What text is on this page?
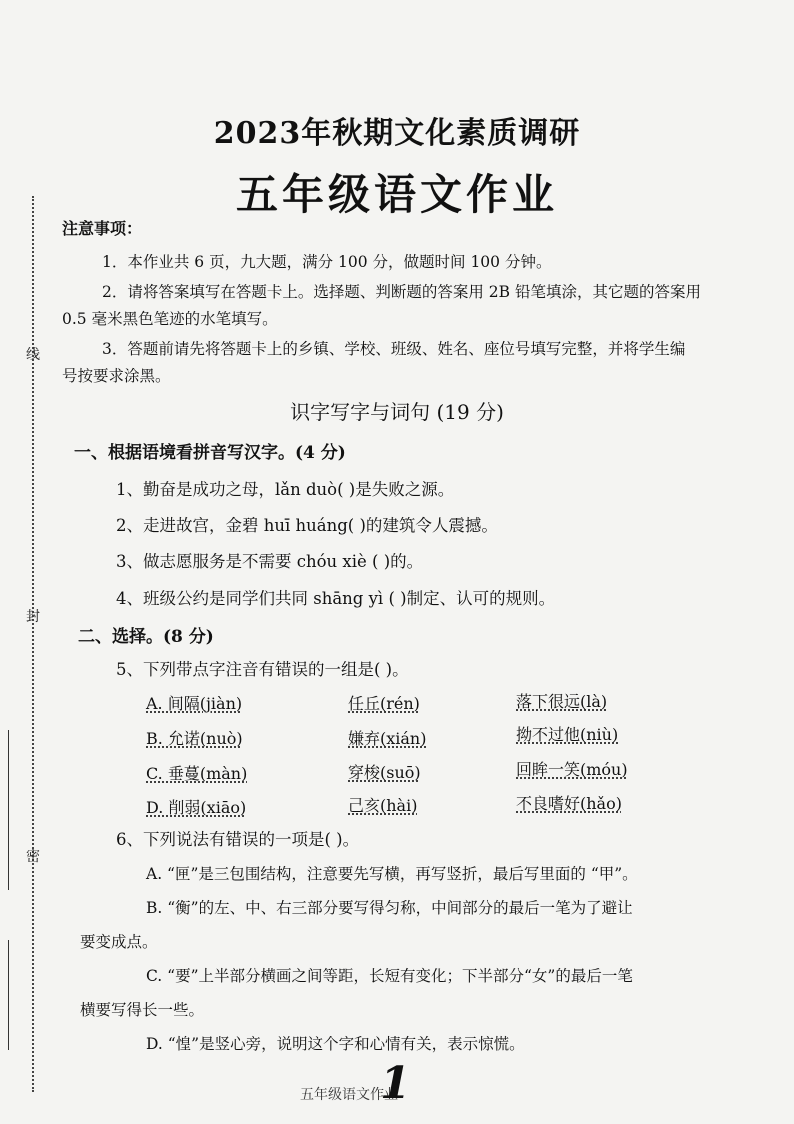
线
封
密
2023年秋期文化素质调研
五年级语文作业
注意事项：
1．本作业共 6 页，九大题，满分 100 分，做题时间 100 分钟。
2．请将答案填写在答题卡上。选择题、判断题的答案用 2B 铅笔填涂，其它题的答案用
0.5 毫米黑色笔迹的水笔填写。
3．答题前请先将答题卡上的乡镇、学校、班级、姓名、座位号填写完整，并将学生编
号按要求涂黑。
识字写字与词句 (19 分)
一、根据语境看拼音写汉字。(4 分)
1、勤奋是成功之母，lǎn duò( )是失败之源。
2、走进故宫，金碧 huī huáng( )的建筑令人震撼。
3、做志愿服务是不需要 chóu xiè ( )的。
4、班级公约是同学们共同 shāng yì ( )制定、认可的规则。
二、选择。(8 分)
5、下列带点字注音有错误的一组是( )。
A. 间隔(jiàn)	任丘(rén)	落下很远(là)
B. 允诺(nuò)	嫌弃(xián)	拗不过他(niù)
C. 垂蔓(màn)	穿梭(suō)	回眸一笑(móu)
D. 削弱(xiāo)	己亥(hài)	不良嗜好(hǎo)
6、下列说法有错误的一项是( )。
A. “匣”是三包围结构，注意要先写横，再写竖折，最后写里面的 “甲”。
B. “衡”的左、中、右三部分要写得匀称，中间部分的最后一笔为了避让
要变成点。
C. “要”上半部分横画之间等距，长短有变化；下半部分“女”的最后一笔
横要写得长一些。
D. “惶”是竖心旁，说明这个字和心情有关，表示惊慌。
五年级语文作业
1
